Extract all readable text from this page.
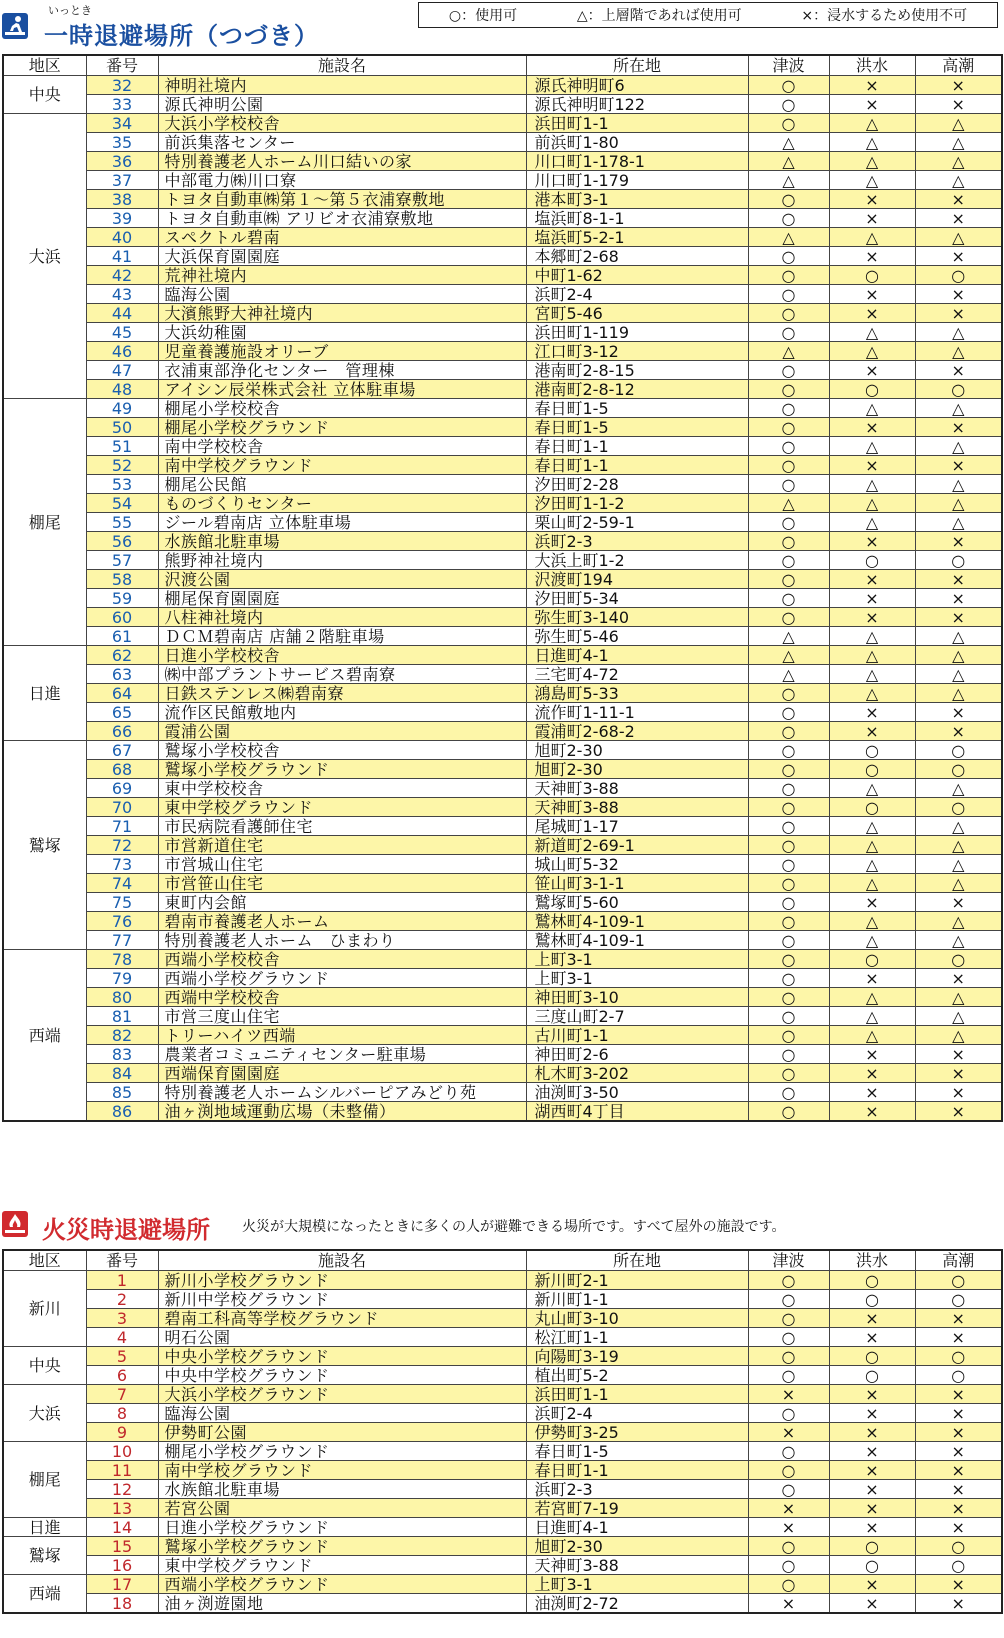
いっとき
一時退避場所（つづき）
○：使用可	△：上層階であれば使用可	×：浸水するため使用不可
地区	番号	施設名	所在地	津波	洪水	高潮
中央	32	神明社境内	源氏神明町6	○	×	×
	33	源氏神明公園	源氏神明町122	○	×	×
大浜	34	大浜小学校校舎	浜田町1-1	○	△	△
	35	前浜集落センター	前浜町1-80	△	△	△
	36	特別養護老人ホーム川口結いの家	川口町1-178-1	△	△	△
	37	中部電力㈱川口寮	川口町1-179	△	△	△
	38	トヨタ自動車㈱第１～第５衣浦寮敷地	港本町3-1	○	×	×
	39	トヨタ自動車㈱ アリビオ衣浦寮敷地	塩浜町8-1-1	○	×	×
	40	スペクトル碧南	塩浜町5-2-1	△	△	△
	41	大浜保育園園庭	本郷町2-68	○	×	×
	42	荒神社境内	中町1-62	○	○	○
	43	臨海公園	浜町2-4	○	×	×
	44	大濱熊野大神社境内	宮町5-46	○	×	×
	45	大浜幼稚園	浜田町1-119	○	△	△
	46	児童養護施設オリーブ	江口町3-12	△	△	△
	47	衣浦東部浄化センター　管理棟	港南町2-8-15	○	×	×
	48	アイシン辰栄株式会社 立体駐車場	港南町2-8-12	○	○	○
棚尾	49	棚尾小学校校舎	春日町1-5	○	△	△
	50	棚尾小学校グラウンド	春日町1-5	○	×	×
	51	南中学校校舎	春日町1-1	○	△	△
	52	南中学校グラウンド	春日町1-1	○	×	×
	53	棚尾公民館	汐田町2-28	○	△	△
	54	ものづくりセンター	汐田町1-1-2	△	△	△
	55	ジール碧南店 立体駐車場	栗山町2-59-1	○	△	△
	56	水族館北駐車場	浜町2-3	○	×	×
	57	熊野神社境内	大浜上町1-2	○	○	○
	58	沢渡公園	沢渡町194	○	×	×
	59	棚尾保育園園庭	汐田町5-34	○	×	×
	60	八柱神社境内	弥生町3-140	○	×	×
	61	ＤＣＭ碧南店 店舗２階駐車場	弥生町5-46	△	△	△
日進	62	日進小学校校舎	日進町4-1	△	△	△
	63	㈱中部プラントサービス碧南寮	三宅町4-72	△	△	△
	64	日鉄ステンレス㈱碧南寮	鴻島町5-33	○	△	△
	65	流作区民館敷地内	流作町1-11-1	○	×	×
	66	霞浦公園	霞浦町2-68-2	○	×	×
鷲塚	67	鷲塚小学校校舎	旭町2-30	○	○	○
	68	鷲塚小学校グラウンド	旭町2-30	○	○	○
	69	東中学校校舎	天神町3-88	○	△	△
	70	東中学校グラウンド	天神町3-88	○	○	○
	71	市民病院看護師住宅	尾城町1-17	○	△	△
	72	市営新道住宅	新道町2-69-1	○	△	△
	73	市営城山住宅	城山町5-32	○	△	△
	74	市営笹山住宅	笹山町3-1-1	○	△	△
	75	東町内会館	鷲塚町5-60	○	×	×
	76	碧南市養護老人ホーム	鷲林町4-109-1	○	△	△
	77	特別養護老人ホーム　ひまわり	鷲林町4-109-1	○	△	△
西端	78	西端小学校校舎	上町3-1	○	○	○
	79	西端小学校グラウンド	上町3-1	○	×	×
	80	西端中学校校舎	神田町3-10	○	△	△
	81	市営三度山住宅	三度山町2-7	○	△	△
	82	トリーハイツ西端	古川町1-1	○	△	△
	83	農業者コミュニティセンター駐車場	神田町2-6	○	×	×
	84	西端保育園園庭	札木町3-202	○	×	×
	85	特別養護老人ホームシルバーピアみどり苑	油渕町3-50	○	×	×
	86	油ヶ渕地域運動広場（未整備）	湖西町4丁目	○	×	×
火災時退避場所 火災が大規模になったときに多くの人が避難できる場所です。すべて屋外の施設です。
地区	番号	施設名	所在地	津波	洪水	高潮
新川	1	新川小学校グラウンド	新川町2-1	○	○	○
	2	新川中学校グラウンド	新川町1-1	○	○	○
	3	碧南工科高等学校グラウンド	丸山町3-10	○	×	×
	4	明石公園	松江町1-1	○	×	×
中央	5	中央小学校グラウンド	向陽町3-19	○	○	○
	6	中央中学校グラウンド	植出町5-2	○	○	○
大浜	7	大浜小学校グラウンド	浜田町1-1	×	×	×
	8	臨海公園	浜町2-4	○	×	×
	9	伊勢町公園	伊勢町3-25	×	×	×
棚尾	10	棚尾小学校グラウンド	春日町1-5	○	×	×
	11	南中学校グラウンド	春日町1-1	○	×	×
	12	水族館北駐車場	浜町2-3	○	×	×
	13	若宮公園	若宮町7-19	×	×	×
日進	14	日進小学校グラウンド	日進町4-1	×	×	×
鷲塚	15	鷲塚小学校グラウンド	旭町2-30	○	○	○
	16	東中学校グラウンド	天神町3-88	○	○	○
西端	17	西端小学校グラウンド	上町3-1	○	×	×
	18	油ヶ渕遊園地	油渕町2-72	×	×	×
